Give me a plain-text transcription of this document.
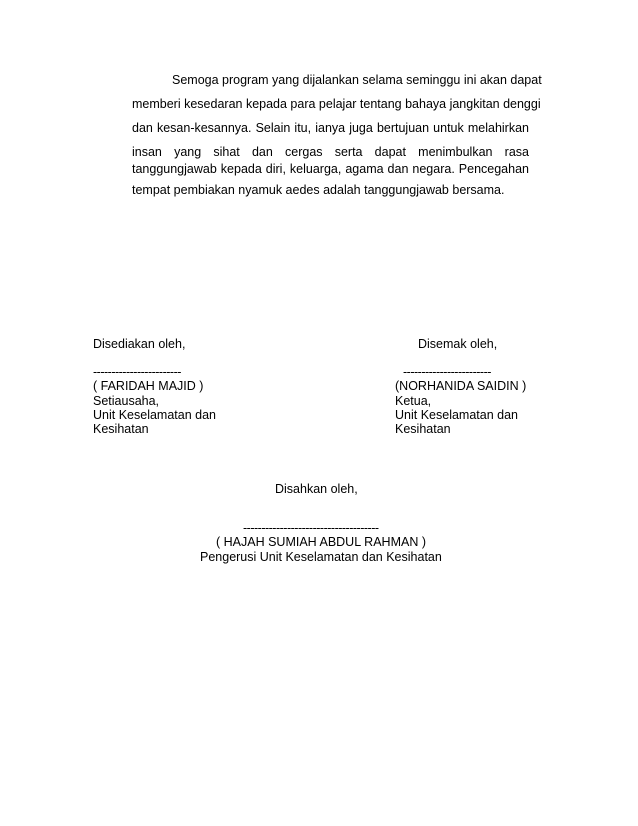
Semoga program yang dijalankan selama seminggu ini akan dapat
memberi kesedaran kepada para pelajar tentang bahaya jangkitan denggi
dan kesan-kesannya. Selain itu, ianya juga bertujuan untuk melahirkan
insan yang sihat dan cergas serta dapat menimbulkan rasa
tanggungjawab kepada diri, keluarga, agama dan negara. Pencegahan
tempat pembiakan nyamuk aedes adalah tanggungjawab bersama.
Disediakan oleh,
------------------------
( FARIDAH MAJID )
Setiausaha,
Unit Keselamatan dan
Kesihatan
Disemak oleh,
------------------------
(NORHANIDA SAIDIN )
Ketua,
Unit Keselamatan dan
Kesihatan
Disahkan oleh,
-------------------------------------
( HAJAH SUMIAH ABDUL RAHMAN )
Pengerusi Unit Keselamatan dan Kesihatan
